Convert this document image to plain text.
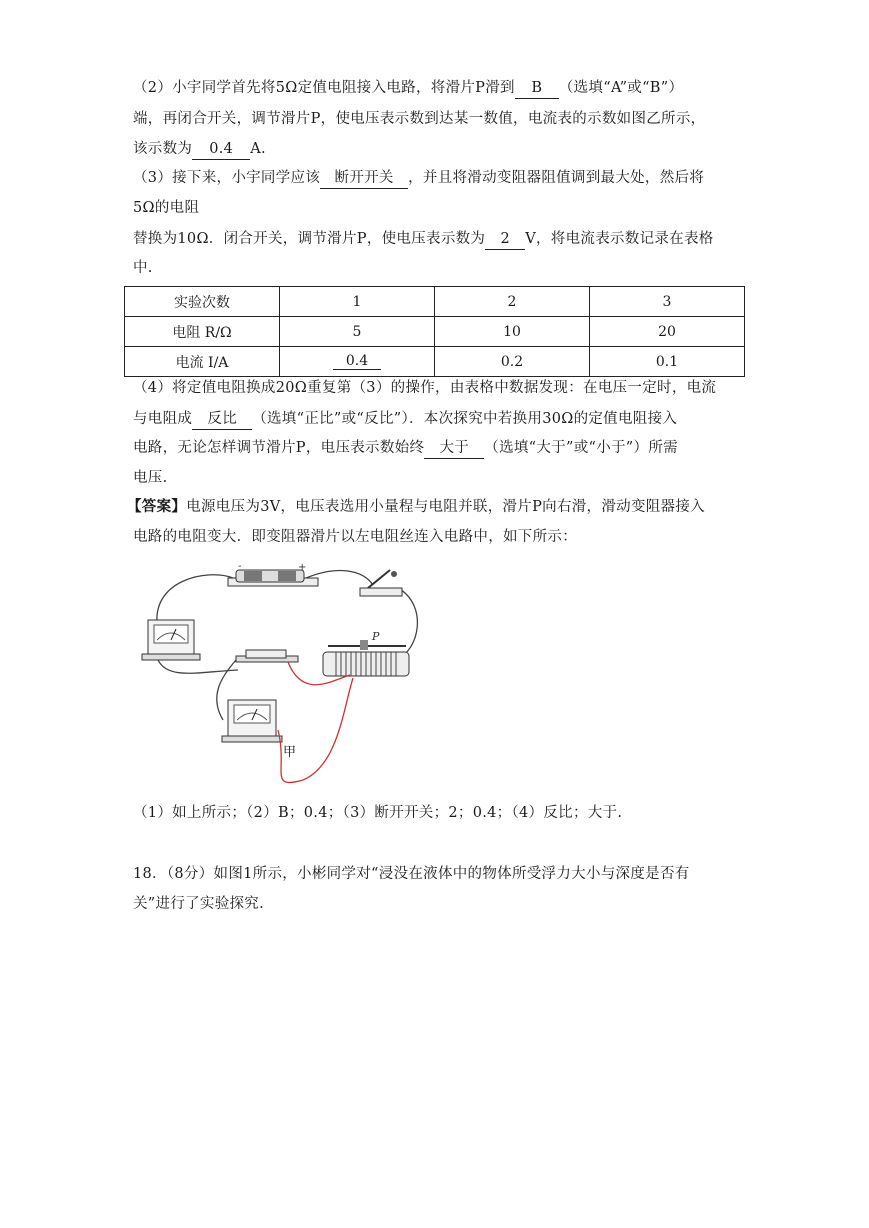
（2）小宇同学首先将5Ω定值电阻接入电路，将滑片P滑到 B （选填“A”或“B”）
端，再闭合开关，调节滑片P，使电压表示数到达某一数值，电流表的示数如图乙所示，
该示数为 0.4 A.
（3）接下来，小宇同学应该 断开开关 ，并且将滑动变阻器阻值调到最大处，然后将
5Ω的电阻
替换为10Ω．闭合开关，调节滑片P，使电压表示数为 2 V，将电流表示数记录在表格
中.
实验次数	1	2	3
电阻 R/Ω	5	10	20
电流 I/A	0.4	0.2	0.1
（4）将定值电阻换成20Ω重复第（3）的操作，由表格中数据发现：在电压一定时，电流
与电阻成 反比 （选填“正比”或“反比”）．本次探究中若换用30Ω的定值电阻接入
电路，无论怎样调节滑片P，电压表示数始终 大于 （选填“大于”或“小于”）所需
电压.
【答案】电源电压为3V，电压表选用小量程与电阻并联，滑片P向右滑，滑动变阻器接入
电路的电阻变大．即变阻器滑片以左电阻丝连入电路中，如下所示：
-	+
P
甲
（1）如上所示；（2）B；0.4；（3）断开开关；2；0.4；（4）反比；大于.
18．（8分）如图1所示，小彬同学对“浸没在液体中的物体所受浮力大小与深度是否有
关”进行了实验探究.
